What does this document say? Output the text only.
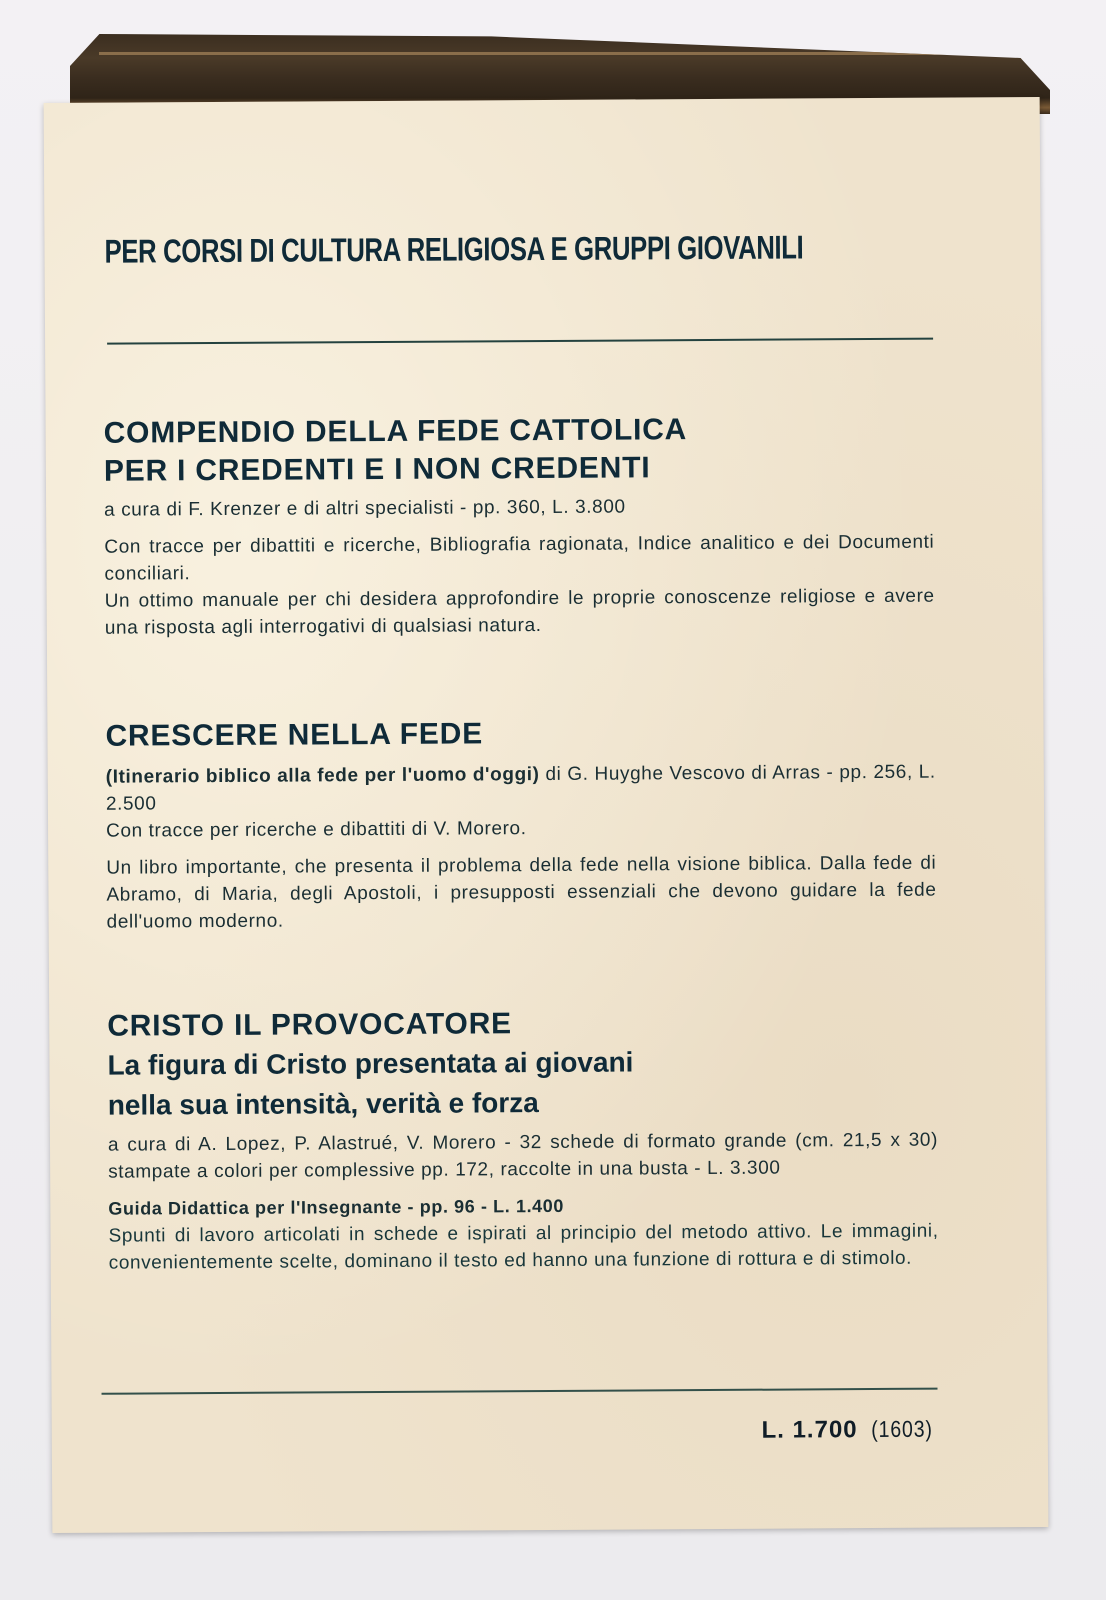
PER CORSI DI CULTURA RELIGIOSA E GRUPPI GIOVANILI
COMPENDIO DELLA FEDE CATTOLICA
PER I CREDENTI E I NON CREDENTI

a cura di F. Krenzer e di altri specialisti - pp. 360, L. 3.800

Con tracce per dibattiti e ricerche, Bibliografia ragionata, Indice analitico e dei Documenti conciliari.

Un ottimo manuale per chi desidera approfondire le proprie conoscenze religiose e avere una risposta agli interrogativi di qualsiasi natura.

CRESCERE NELLA FEDE

(Itinerario biblico alla fede per l'uomo d'oggi) di G. Huyghe Vescovo di Arras - pp. 256, L. 2.500

Con tracce per ricerche e dibattiti di V. Morero.

Un libro importante, che presenta il problema della fede nella visione biblica. Dalla fede di Abramo, di Maria, degli Apostoli, i presupposti essenziali che devono guidare la fede dell'uomo moderno.

CRISTO IL PROVOCATORE
La figura di Cristo presentata ai giovani
nella sua intensità, verità e forza

a cura di A. Lopez, P. Alastrué, V. Morero - 32 schede di formato grande (cm. 21,5 x 30) stampate a colori per complessive pp. 172, raccolte in una busta - L. 3.300

Guida Didattica per l'Insegnante - pp. 96 - L. 1.400

Spunti di lavoro articolati in schede e ispirati al principio del metodo attivo. Le immagini, convenientemente scelte, dominano il testo ed hanno una funzione di rottura e di stimolo.

L. 1.700 (1603)
